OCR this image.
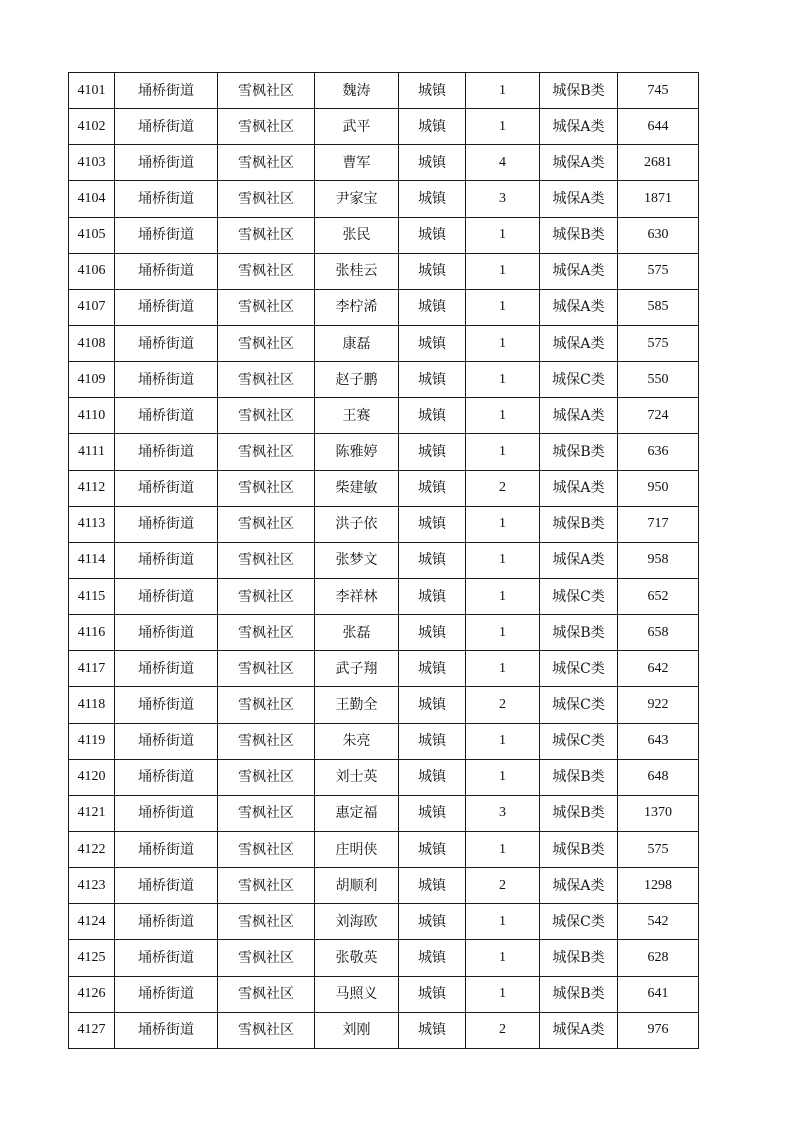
4101	埇桥街道	雪枫社区	魏涛	城镇	1	城保B类	745
4102	埇桥街道	雪枫社区	武平	城镇	1	城保A类	644
4103	埇桥街道	雪枫社区	曹军	城镇	4	城保A类	2681
4104	埇桥街道	雪枫社区	尹家宝	城镇	3	城保A类	1871
4105	埇桥街道	雪枫社区	张民	城镇	1	城保B类	630
4106	埇桥街道	雪枫社区	张桂云	城镇	1	城保A类	575
4107	埇桥街道	雪枫社区	李柠浠	城镇	1	城保A类	585
4108	埇桥街道	雪枫社区	康磊	城镇	1	城保A类	575
4109	埇桥街道	雪枫社区	赵子鹏	城镇	1	城保C类	550
4110	埇桥街道	雪枫社区	王赛	城镇	1	城保A类	724
4111	埇桥街道	雪枫社区	陈雅婷	城镇	1	城保B类	636
4112	埇桥街道	雪枫社区	柴建敏	城镇	2	城保A类	950
4113	埇桥街道	雪枫社区	洪子依	城镇	1	城保B类	717
4114	埇桥街道	雪枫社区	张梦文	城镇	1	城保A类	958
4115	埇桥街道	雪枫社区	李祥林	城镇	1	城保C类	652
4116	埇桥街道	雪枫社区	张磊	城镇	1	城保B类	658
4117	埇桥街道	雪枫社区	武子翔	城镇	1	城保C类	642
4118	埇桥街道	雪枫社区	王勤全	城镇	2	城保C类	922
4119	埇桥街道	雪枫社区	朱亮	城镇	1	城保C类	643
4120	埇桥街道	雪枫社区	刘士英	城镇	1	城保B类	648
4121	埇桥街道	雪枫社区	惠定福	城镇	3	城保B类	1370
4122	埇桥街道	雪枫社区	庄明侠	城镇	1	城保B类	575
4123	埇桥街道	雪枫社区	胡顺利	城镇	2	城保A类	1298
4124	埇桥街道	雪枫社区	刘海欧	城镇	1	城保C类	542
4125	埇桥街道	雪枫社区	张敬英	城镇	1	城保B类	628
4126	埇桥街道	雪枫社区	马照义	城镇	1	城保B类	641
4127	埇桥街道	雪枫社区	刘刚	城镇	2	城保A类	976
